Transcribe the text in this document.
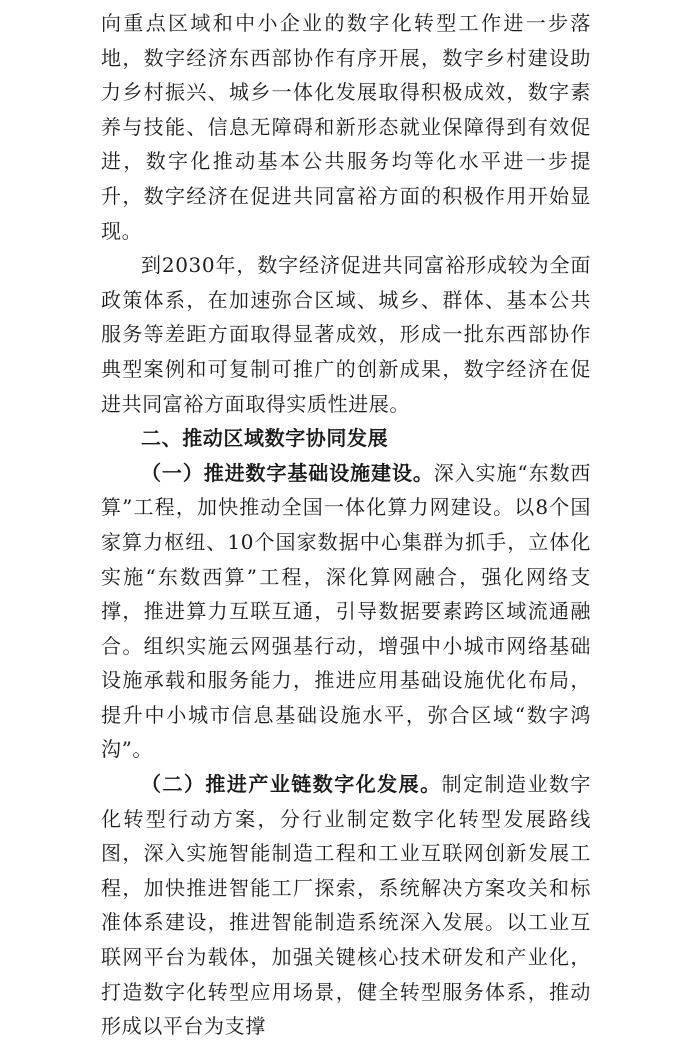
向重点区域和中小企业的数字化转型工作进一步落地，数字经济东西部协作有序开展，数字乡村建设助力乡村振兴、城乡一体化发展取得积极成效，数字素养与技能、信息无障碍和新形态就业保障得到有效促进，数字化推动基本公共服务均等化水平进一步提升，数字经济在促进共同富裕方面的积极作用开始显现。

到2030年，数字经济促进共同富裕形成较为全面政策体系，在加速弥合区域、城乡、群体、基本公共服务等差距方面取得显著成效，形成一批东西部协作典型案例和可复制可推广的创新成果，数字经济在促进共同富裕方面取得实质性进展。

二、推动区域数字协同发展

（一）推进数字基础设施建设。深入实施“东数西算”工程，加快推动全国一体化算力网建设。以8个国家算力枢纽、10个国家数据中心集群为抓手，立体化实施“东数西算”工程，深化算网融合，强化网络支撑，推进算力互联互通，引导数据要素跨区域流通融合。组织实施云网强基行动，增强中小城市网络基础设施承载和服务能力，推进应用基础设施优化布局，提升中小城市信息基础设施水平，弥合区域“数字鸿沟”。

（二）推进产业链数字化发展。制定制造业数字化转型行动方案，分行业制定数字化转型发展路线图，深入实施智能制造工程和工业互联网创新发展工程，加快推进智能工厂探索，系统解决方案攻关和标准体系建设，推进智能制造系统深入发展。以工业互联网平台为载体，加强关键核心技术研发和产业化，打造数字化转型应用场景，健全转型服务体系，推动形成以平台为支撑
